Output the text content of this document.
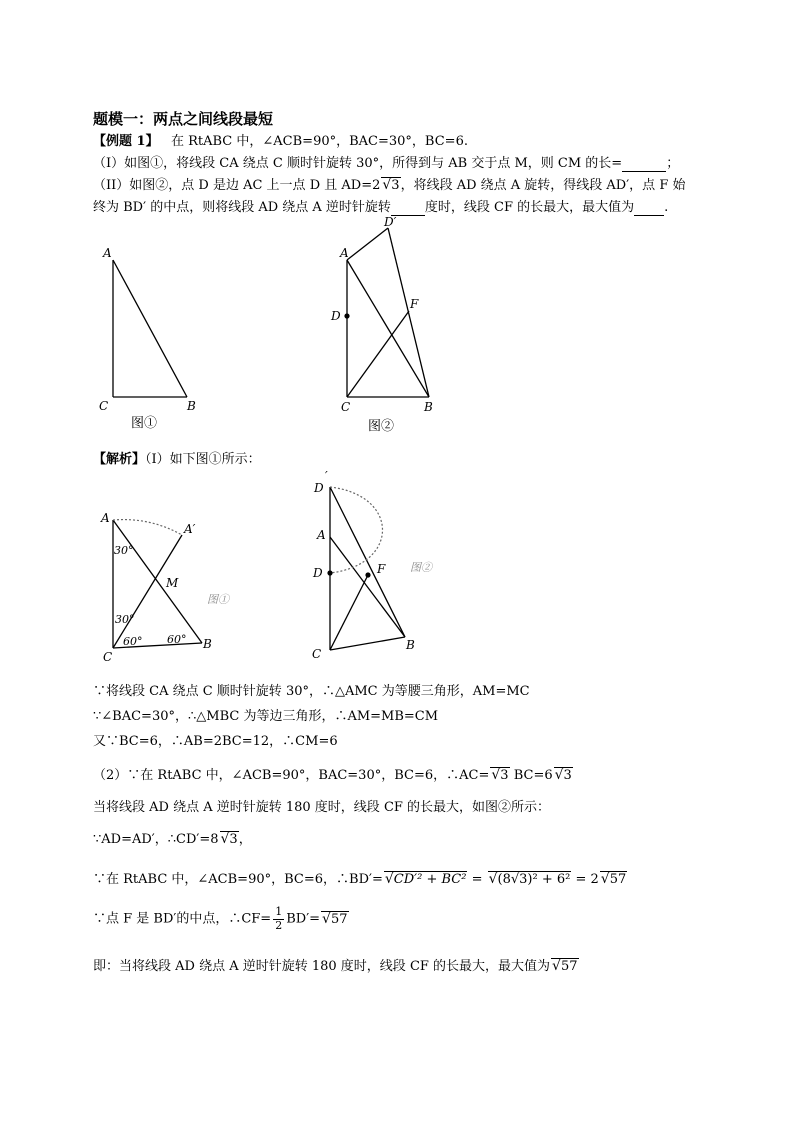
题模一：两点之间线段最短
【例题 1】 在 RtABC 中，∠ACB=90°，BAC=30°，BC=6.
（I）如图①，将线段 CA 绕点 C 顺时针旋转 30°，所得到与 AB 交于点 M，则 CM 的长=	；
（II）如图②，点 D 是边 AC 上一点 D 且 AD=2 √3，将线段 AD 绕点 A 旋转，得线段 AD′，点 F 始
终为 BD′ 的中点，则将线段 AD 绕点 A 逆时针旋转	度时，线段 CF 的长最大，最大值为 .
A
C	B
图①
A
D′
D
F
C	B
图②
【解析】（Ⅰ）如下图①所示：
A
A′
M
C
B
30°
30°
60° 60°
图①
D
′
A
D	F
C
B
图②
∵将线段 CA 绕点 C 顺时针旋转 30°，∴△AMC 为等腰三角形，AM=MC
∵∠BAC=30°，∴△MBC 为等边三角形，∴AM=MB=CM
又∵BC=6，∴AB=2BC=12，∴CM=6
（2）∵在 RtABC 中，∠ACB=90°，BAC=30°，BC=6，∴AC= √3 BC=6 √3
当将线段 AD 绕点 A 逆时针旋转 180 度时，线段 CF 的长最大，如图②所示：
∵AD=AD′，∴CD′=8 √3，
∵在 RtABC 中，∠ACB=90°，BC=6，∴BD′= √CD′² + BC² = √(8√3)² + 6² = 2 √57
∵点 F 是 BD′的中点，∴CF= $\frac{1}{2} BD'= √57$
即：当将线段 AD 绕点 A 逆时针旋转 180 度时，线段 CF 的长最大，最大值为 √57
